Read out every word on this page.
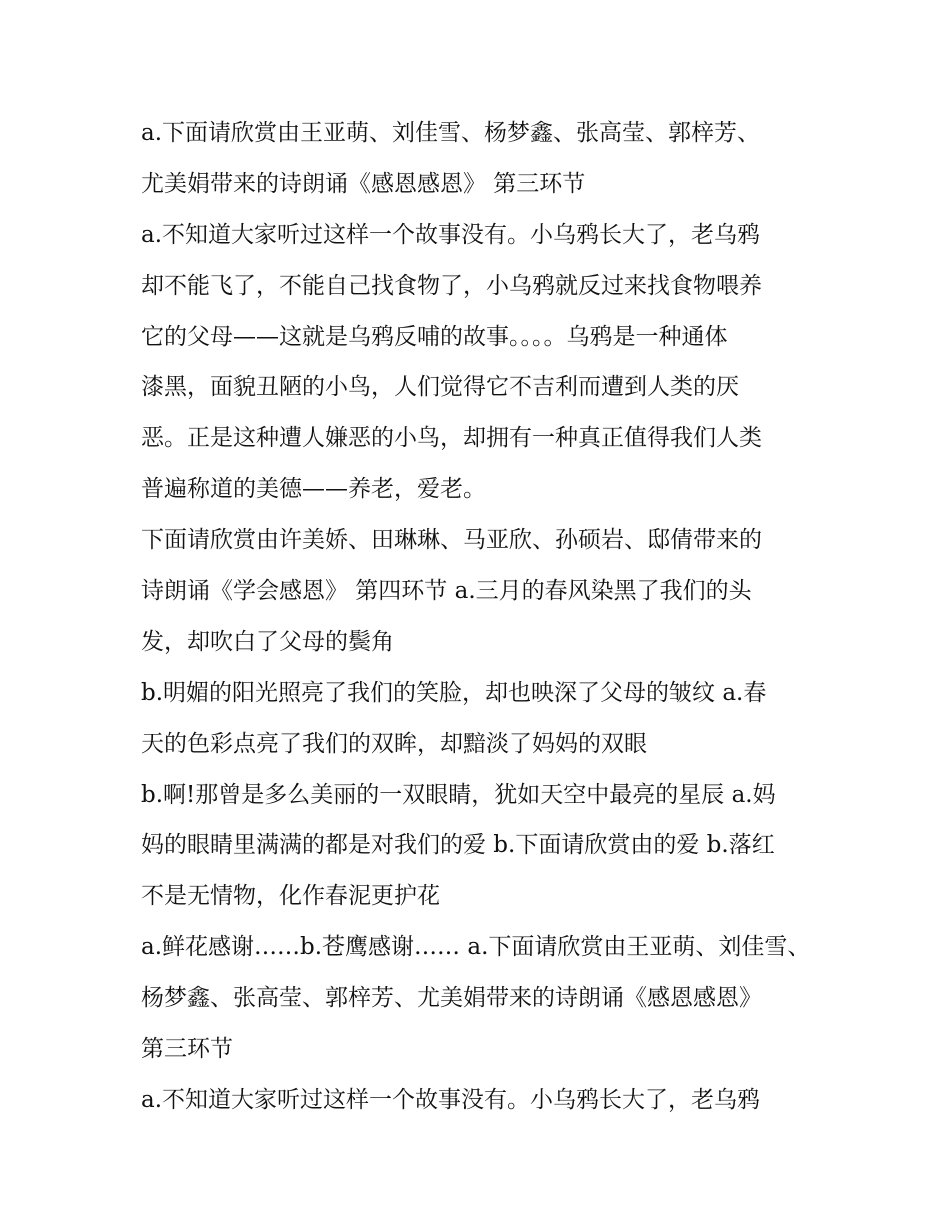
a.下面请欣赏由王亚萌、刘佳雪、杨梦鑫、张高莹、郭梓芳、
尤美娟带来的诗朗诵《感恩感恩》 第三环节
a.不知道大家听过这样一个故事没有。小乌鸦长大了，老乌鸦
却不能飞了，不能自己找食物了，小乌鸦就反过来找食物喂养
它的父母——这就是乌鸦反哺的故事。。。。乌鸦是一种通体
漆黑，面貌丑陋的小鸟，人们觉得它不吉利而遭到人类的厌
恶。正是这种遭人嫌恶的小鸟，却拥有一种真正值得我们人类
普遍称道的美德——养老，爱老。
下面请欣赏由许美娇、田琳琳、马亚欣、孙硕岩、邸倩带来的
诗朗诵《学会感恩》 第四环节 a.三月的春风染黑了我们的头
发，却吹白了父母的鬓角
b.明媚的阳光照亮了我们的笑脸，却也映深了父母的皱纹 a.春
天的色彩点亮了我们的双眸，却黯淡了妈妈的双眼
b.啊!那曾是多么美丽的一双眼睛，犹如天空中最亮的星辰 a.妈
妈的眼睛里满满的都是对我们的爱 b.下面请欣赏由的爱 b.落红
不是无情物，化作春泥更护花
a.鲜花感谢……b.苍鹰感谢…… a.下面请欣赏由王亚萌、刘佳雪、
杨梦鑫、张高莹、郭梓芳、尤美娟带来的诗朗诵《感恩感恩》
第三环节
a.不知道大家听过这样一个故事没有。小乌鸦长大了，老乌鸦
